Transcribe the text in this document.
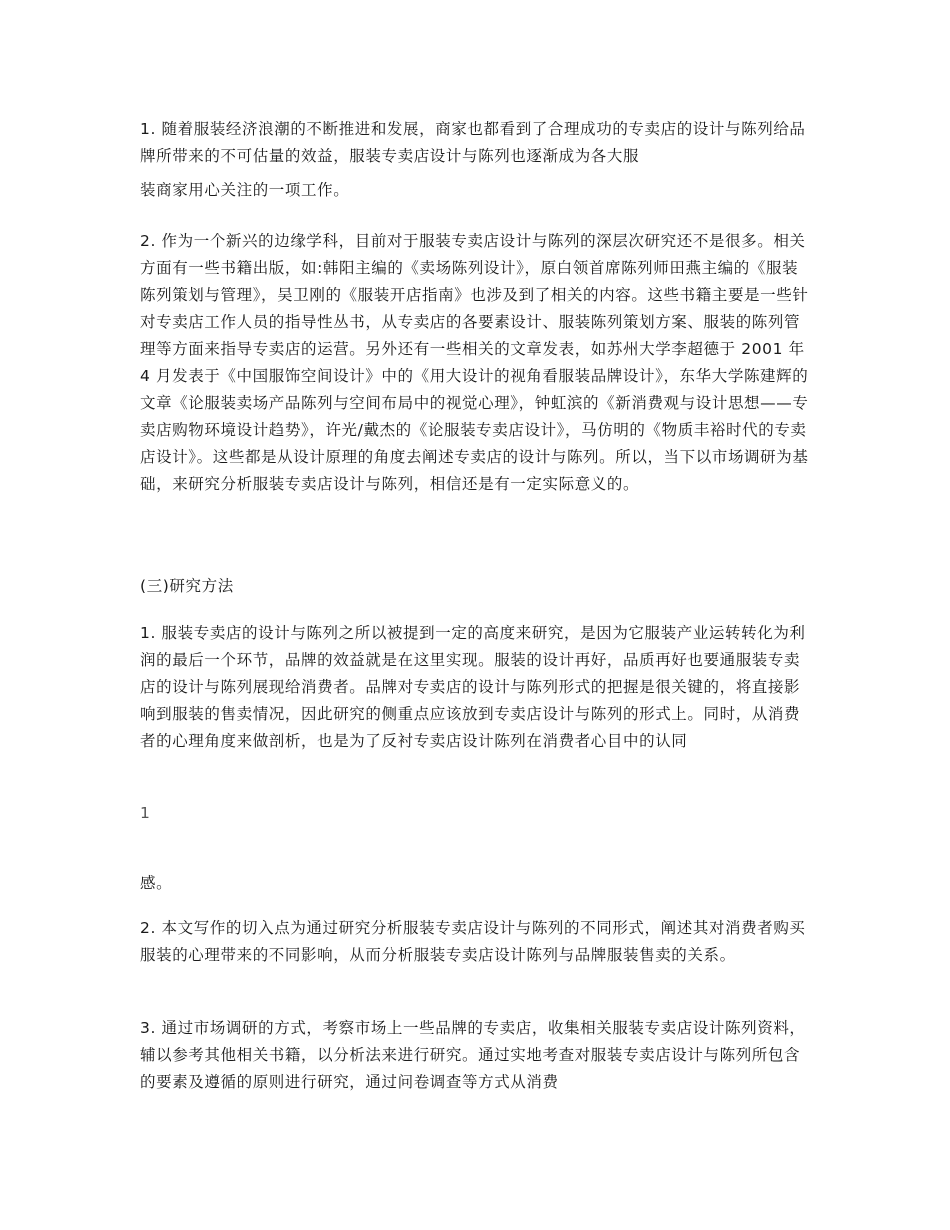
1. 随着服装经济浪潮的不断推进和发展，商家也都看到了合理成功的专卖店的设计与陈列给品牌所带来的不可估量的效益，服装专卖店设计与陈列也逐渐成为各大服
装商家用心关注的一项工作。

2. 作为一个新兴的边缘学科，目前对于服装专卖店设计与陈列的深层次研究还不是很多。相关方面有一些书籍出版，如:韩阳主编的《卖场陈列设计》，原白领首席陈列师田燕主编的《服装陈列策划与管理》，吴卫刚的《服装开店指南》也涉及到了相关的内容。这些书籍主要是一些针对专卖店工作人员的指导性丛书，从专卖店的各要素设计、服装陈列策划方案、服装的陈列管理等方面来指导专卖店的运营。另外还有一些相关的文章发表，如苏州大学李超德于 2001 年 4 月发表于《中国服饰空间设计》中的《用大设计的视角看服装品牌设计》，东华大学陈建辉的文章《论服装卖场产品陈列与空间布局中的视觉心理》，钟虹滨的《新消费观与设计思想——专卖店购物环境设计趋势》，许光/戴杰的《论服装专卖店设计》，马仿明的《物质丰裕时代的专卖店设计》。这些都是从设计原理的角度去阐述专卖店的设计与陈列。所以，当下以市场调研为基础，来研究分析服装专卖店设计与陈列，相信还是有一定实际意义的。

(三)研究方法

1. 服装专卖店的设计与陈列之所以被提到一定的高度来研究，是因为它服装产业运转转化为利润的最后一个环节，品牌的效益就是在这里实现。服装的设计再好，品质再好也要通服装专卖店的设计与陈列展现给消费者。品牌对专卖店的设计与陈列形式的把握是很关键的，将直接影响到服装的售卖情况，因此研究的侧重点应该放到专卖店设计与陈列的形式上。同时，从消费者的心理角度来做剖析，也是为了反衬专卖店设计陈列在消费者心目中的认同

1

感。

2. 本文写作的切入点为通过研究分析服装专卖店设计与陈列的不同形式，阐述其对消费者购买服装的心理带来的不同影响，从而分析服装专卖店设计陈列与品牌服装售卖的关系。

3. 通过市场调研的方式，考察市场上一些品牌的专卖店，收集相关服装专卖店设计陈列资料，辅以参考其他相关书籍，以分析法来进行研究。通过实地考查对服装专卖店设计与陈列所包含的要素及遵循的原则进行研究，通过问卷调查等方式从消费
